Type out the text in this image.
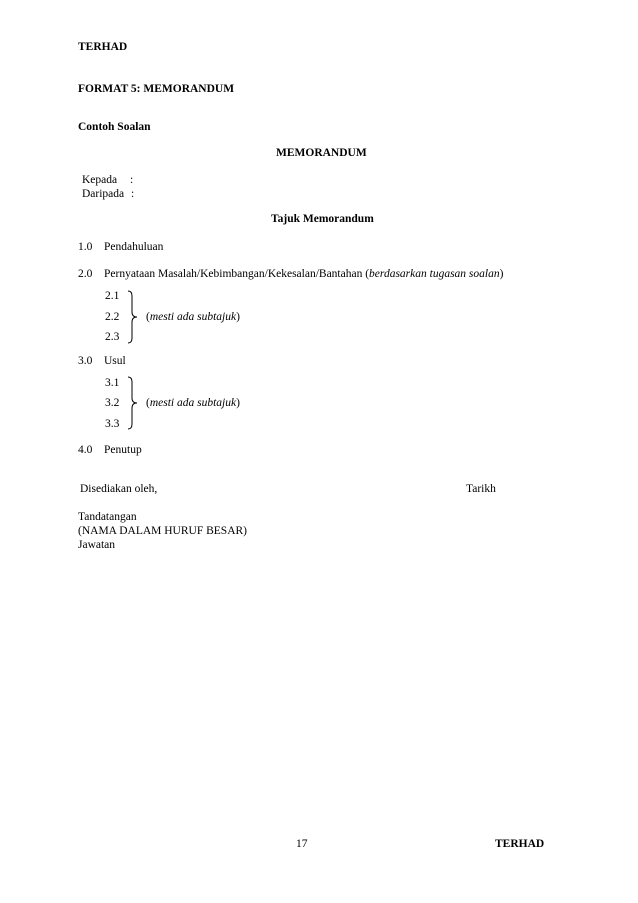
TERHAD
FORMAT 5: MEMORANDUM
Contoh Soalan
MEMORANDUM
Kepada :
Daripada :
Tajuk Memorandum
1.0 Pendahuluan
2.0 Pernyataan Masalah/Kebimbangan/Kekesalan/Bantahan (berdasarkan tugasan soalan)
2.1
2.2
2.3
(mesti ada subtajuk)
3.0 Usul
3.1
3.2
3.3
(mesti ada subtajuk)
4.0 Penutup
Disediakan oleh,	Tarikh
Tandatangan
(NAMA DALAM HURUF BESAR)
Jawatan
17	TERHAD
